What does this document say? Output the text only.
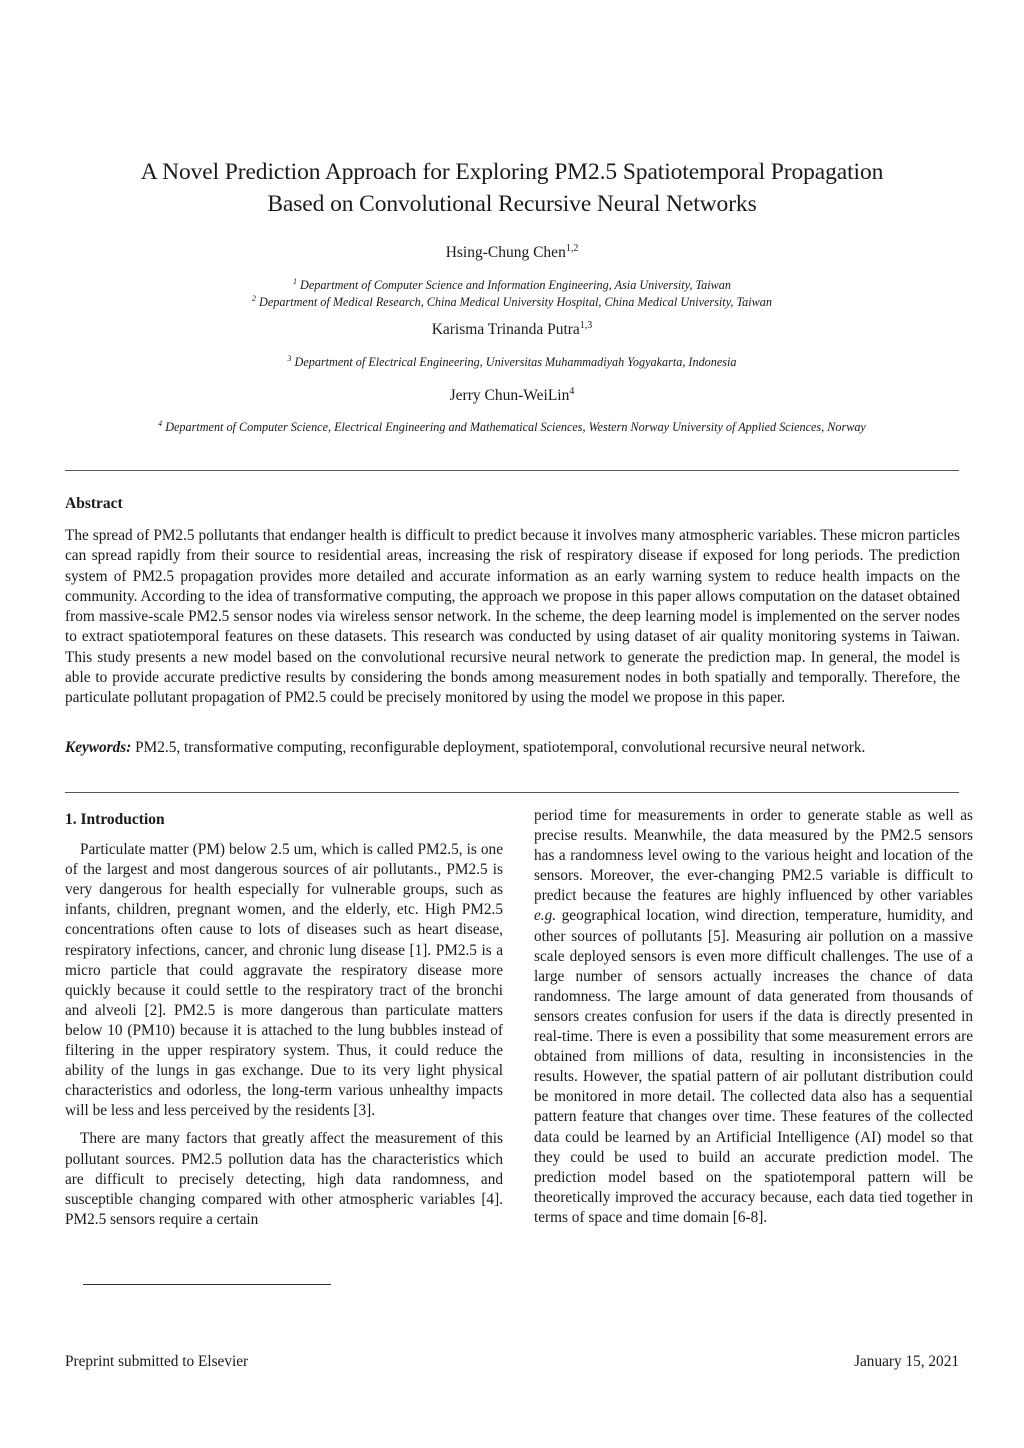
A Novel Prediction Approach for Exploring PM2.5 Spatiotemporal Propagation
Based on Convolutional Recursive Neural Networks
Hsing-Chung Chen$^{1,2}$
$^1$ Department of Computer Science and Information Engineering, Asia University, Taiwan
$^2$ Department of Medical Research, China Medical University Hospital, China Medical University, Taiwan
Karisma Trinanda Putra$^{1,3}$
$^3$ Department of Electrical Engineering, Universitas Muhammadiyah Yogyakarta, Indonesia
Jerry Chun-WeiLin$^4$
$^4$ Department of Computer Science, Electrical Engineering and Mathematical Sciences, Western Norway University of Applied Sciences, Norway
Abstract
The spread of PM2.5 pollutants that endanger health is difficult to predict because it involves many atmospheric variables. These micron particles can spread rapidly from their source to residential areas, increasing the risk of respiratory disease if exposed for long periods. The prediction system of PM2.5 propagation provides more detailed and accurate information as an early warning system to reduce health impacts on the community. According to the idea of transformative computing, the approach we propose in this paper allows computation on the dataset obtained from massive-scale PM2.5 sensor nodes via wireless sensor network. In the scheme, the deep learning model is implemented on the server nodes to extract spatiotemporal features on these datasets. This research was conducted by using dataset of air quality monitoring systems in Taiwan. This study presents a new model based on the convolutional recursive neural network to generate the prediction map. In general, the model is able to provide accurate predictive results by considering the bonds among measurement nodes in both spatially and temporally. Therefore, the particulate pollutant propagation of PM2.5 could be precisely monitored by using the model we propose in this paper.
Keywords: PM2.5, transformative computing, reconfigurable deployment, spatiotemporal, convolutional recursive neural network.
1. Introduction

Particulate matter (PM) below 2.5 um, which is called PM2.5, is one of the largest and most dangerous sources of air pollutants., PM2.5 is very dangerous for health especially for vulnerable groups, such as infants, children, pregnant women, and the elderly, etc. High PM2.5 concentrations often cause to lots of diseases such as heart disease, respiratory infections, cancer, and chronic lung disease [1]. PM2.5 is a micro particle that could aggravate the respiratory disease more quickly because it could settle to the respiratory tract of the bronchi and alveoli [2]. PM2.5 is more dangerous than particulate matters below 10 (PM10) because it is attached to the lung bubbles instead of filtering in the upper respiratory system. Thus, it could reduce the ability of the lungs in gas exchange. Due to its very light physical characteristics and odorless, the long-term various unhealthy impacts will be less and less perceived by the residents [3].

There are many factors that greatly affect the measurement of this pollutant sources. PM2.5 pollution data has the characteristics which are difficult to precisely detecting, high data randomness, and susceptible changing compared with other atmospheric variables [4]. PM2.5 sensors require a certain

period time for measurements in order to generate stable as well as precise results. Meanwhile, the data measured by the PM2.5 sensors has a randomness level owing to the various height and location of the sensors. Moreover, the ever-changing PM2.5 variable is difficult to predict because the features are highly influenced by other variables e.g. geographical location, wind direction, temperature, humidity, and other sources of pollutants [5]. Measuring air pollution on a massive scale deployed sensors is even more difficult challenges. The use of a large number of sensors actually increases the chance of data randomness. The large amount of data generated from thousands of sensors creates confusion for users if the data is directly presented in real-time. There is even a possibility that some measurement errors are obtained from millions of data, resulting in inconsistencies in the results. However, the spatial pattern of air pollutant distribution could be monitored in more detail. The collected data also has a sequential pattern feature that changes over time. These features of the collected data could be learned by an Artificial Intelligence (AI) model so that they could be used to build an accurate prediction model. The prediction model based on the spatiotemporal pattern will be theoretically improved the accuracy because, each data tied together in terms of space and time domain [6-8].

Preprint submitted to Elsevier	January 15, 2021
